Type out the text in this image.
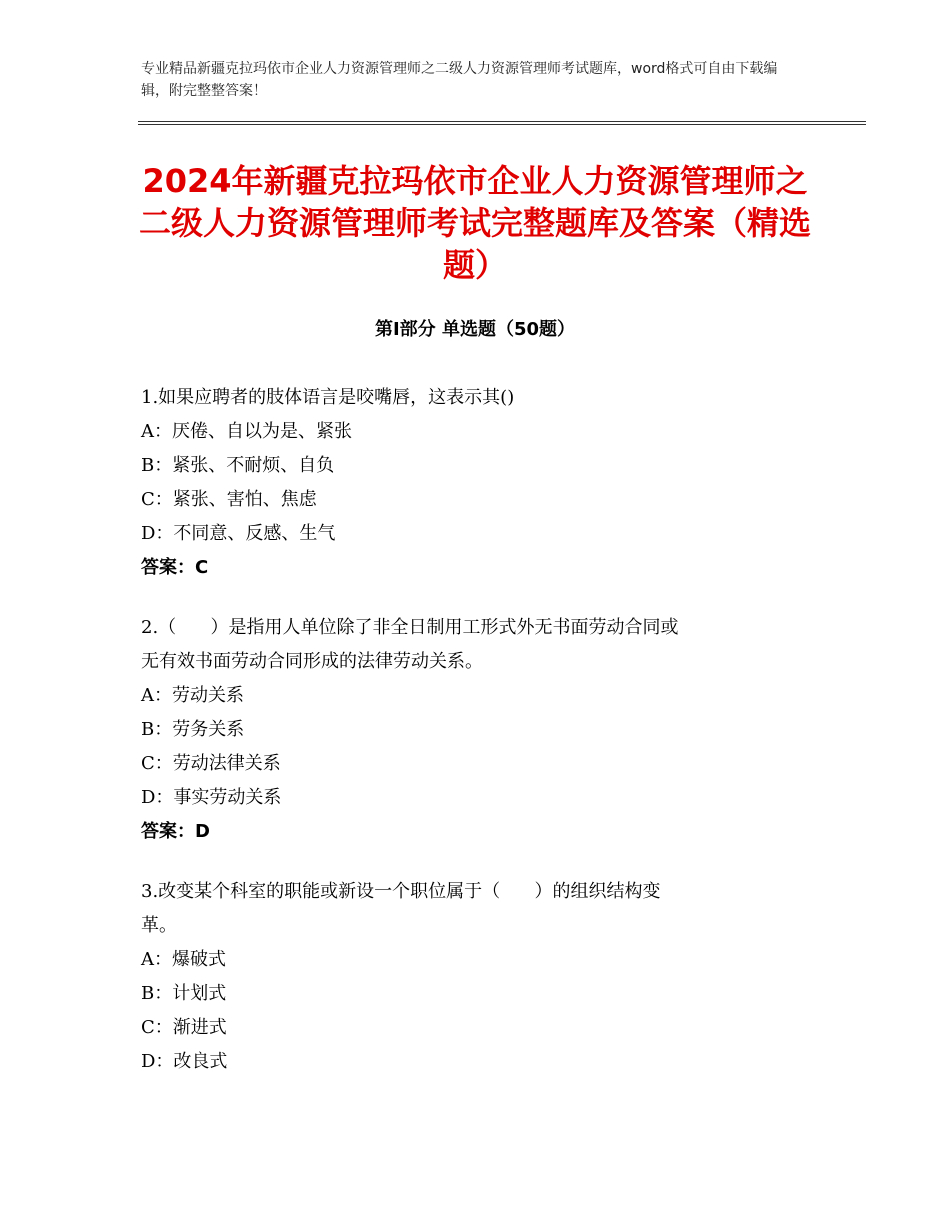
专业精品新疆克拉玛依市企业人力资源管理师之二级人力资源管理师考试题库，word格式可自由下载编辑，附完整整答案！
2024年新疆克拉玛依市企业人力资源管理师之二级人力资源管理师考试完整题库及答案（精选题）
第Ⅰ部分 单选题（50题）
1.如果应聘者的肢体语言是咬嘴唇，这表示其()
A：厌倦、自以为是、紧张
B：紧张、不耐烦、自负
C：紧张、害怕、焦虑
D：不同意、反感、生气
答案：C
2.（      ）是指用人单位除了非全日制用工形式外无书面劳动合同或
无有效书面劳动合同形成的法律劳动关系。
A：劳动关系
B：劳务关系
C：劳动法律关系
D：事实劳动关系
答案：D
3.改变某个科室的职能或新设一个职位属于（      ）的组织结构变
革。
A：爆破式
B：计划式
C：渐进式
D：改良式
